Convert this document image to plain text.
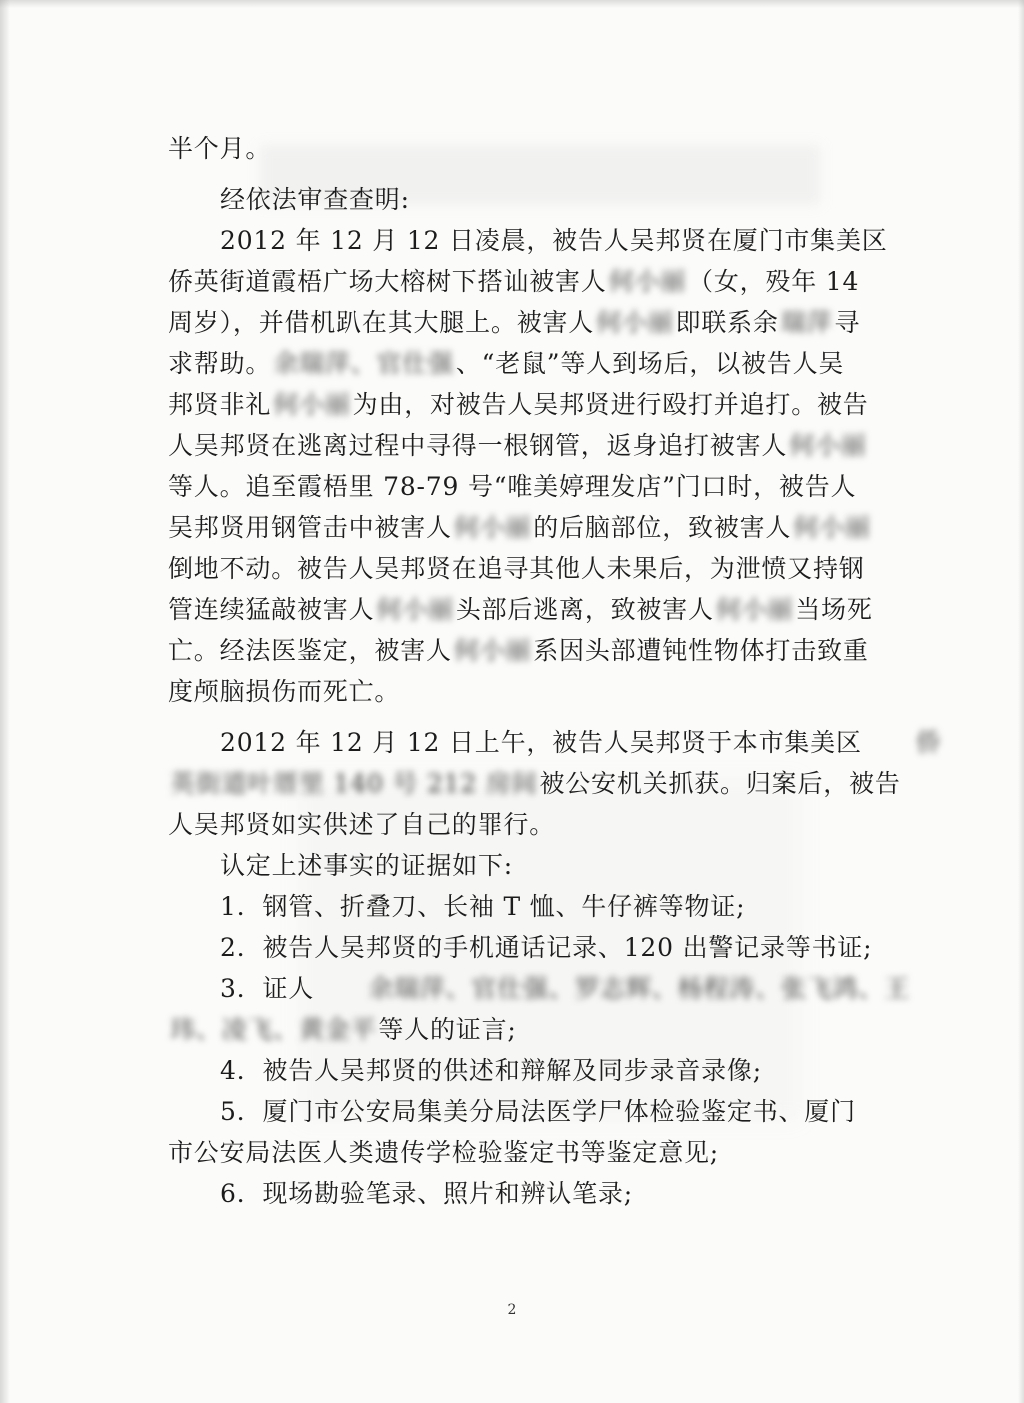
半个月。

经依法审查查明:

2012 年 12 月 12 日凌晨，被告人吴邦贤在厦门市集美区
侨英街道霞梧广场大榕树下搭讪被害人何小丽（女，殁年 14
周岁），并借机趴在其大腿上。被害人何小丽即联系余瑞萍寻
求帮助。余瑞萍、官仕强、“老鼠”等人到场后，以被告人吴
邦贤非礼何小丽为由，对被告人吴邦贤进行殴打并追打。被告
人吴邦贤在逃离过程中寻得一根钢管，返身追打被害人何小丽
等人。追至霞梧里 78-79 号“唯美婷理发店”门口时，被告人
吴邦贤用钢管击中被害人何小丽的后脑部位，致被害人何小丽
倒地不动。被告人吴邦贤在追寻其他人未果后，为泄愤又持钢
管连续猛敲被害人何小丽头部后逃离，致被害人何小丽当场死
亡。经法医鉴定，被害人何小丽系因头部遭钝性物体打击致重
度颅脑损伤而死亡。

2012 年 12 月 12 日上午，被告人吴邦贤于本市集美区 侨
英街道叶厝里 140 号 212 房间被公安机关抓获。归案后，被告
人吴邦贤如实供述了自己的罪行。

认定上述事实的证据如下:

1．钢管、折叠刀、长袖 T 恤、牛仔裤等物证;

2．被告人吴邦贤的手机通话记录、120 出警记录等书证;

3．证人 余瑞萍、官仕强、罗志辉、杨程涛、张飞鸿、王
玮、凌飞、黄金平等人的证言;

4．被告人吴邦贤的供述和辩解及同步录音录像;

5．厦门市公安局集美分局法医学尸体检验鉴定书、厦门
市公安局法医人类遗传学检验鉴定书等鉴定意见;

6．现场勘验笔录、照片和辨认笔录;

2
